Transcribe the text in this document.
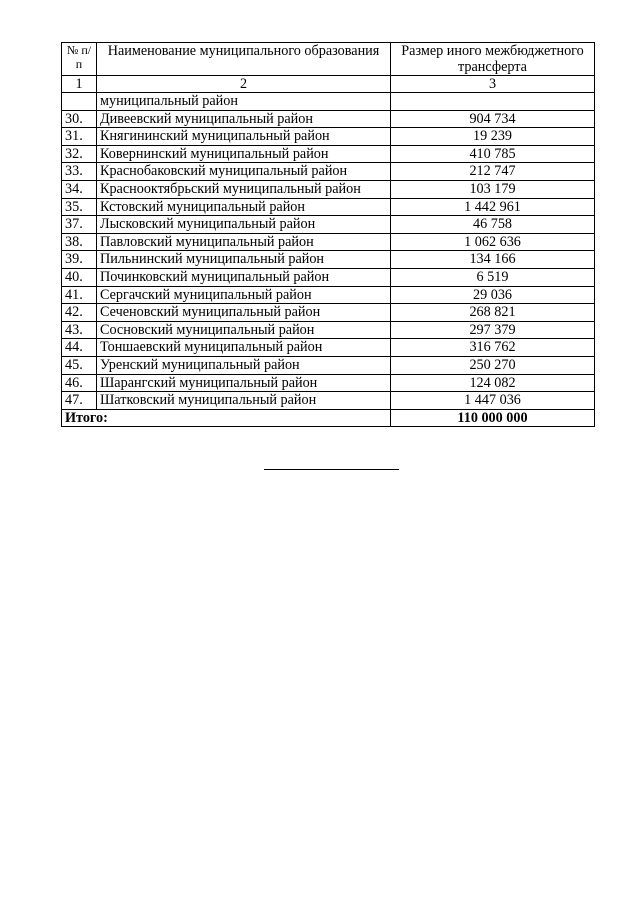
№ п/п	Наименование муниципального образования	Размер иного межбюджетного трансферта
1	2	3
	муниципальный район	
30.	Дивеевский муниципальный район	904 734
31.	Княгининский муниципальный район	19 239
32.	Ковернинский муниципальный район	410 785
33.	Краснобаковский муниципальный район	212 747
34.	Краснооктябрьский муниципальный район	103 179
35.	Кстовский муниципальный район	1 442 961
37.	Лысковский муниципальный район	46 758
38.	Павловский муниципальный район	1 062 636
39.	Пильнинский муниципальный район	134 166
40.	Починковский муниципальный район	6 519
41.	Сергачский муниципальный район	29 036
42.	Сеченовский муниципальный район	268 821
43.	Сосновский муниципальный район	297 379
44.	Тоншаевский муниципальный район	316 762
45.	Уренский муниципальный район	250 270
46.	Шарангский муниципальный район	124 082
47.	Шатковский муниципальный район	1 447 036
Итого:		110 000 000
